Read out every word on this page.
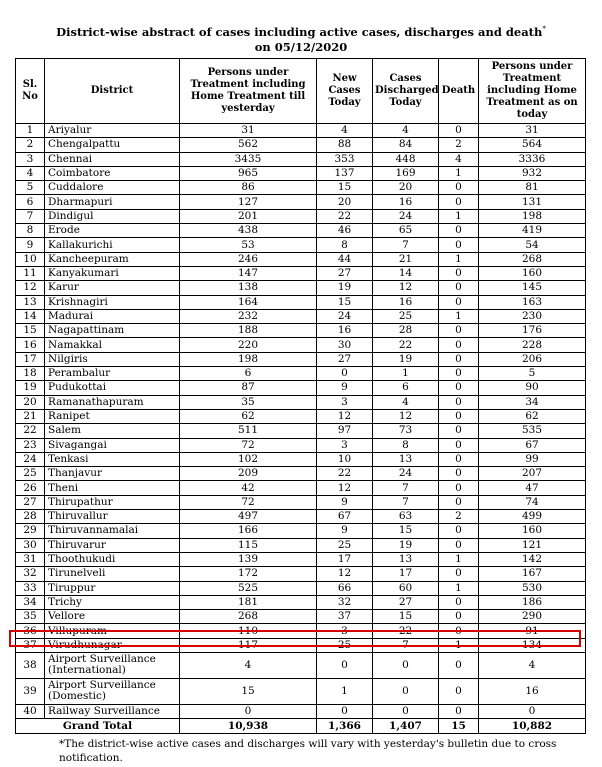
District-wise abstract of cases including active cases, discharges and death*
on 05/12/2020
Sl. No	District	Persons under Treatment including Home Treatment till yesterday	New Cases Today	Cases Discharged Today	Death	Persons under Treatment including Home Treatment as on today
1	Ariyalur	31	4	4	0	31
2	Chengalpattu	562	88	84	2	564
3	Chennai	3435	353	448	4	3336
4	Coimbatore	965	137	169	1	932
5	Cuddalore	86	15	20	0	81
6	Dharmapuri	127	20	16	0	131
7	Dindigul	201	22	24	1	198
8	Erode	438	46	65	0	419
9	Kallakurichi	53	8	7	0	54
10	Kancheepuram	246	44	21	1	268
11	Kanyakumari	147	27	14	0	160
12	Karur	138	19	12	0	145
13	Krishnagiri	164	15	16	0	163
14	Madurai	232	24	25	1	230
15	Nagapattinam	188	16	28	0	176
16	Namakkal	220	30	22	0	228
17	Nilgiris	198	27	19	0	206
18	Perambalur	6	0	1	0	5
19	Pudukottai	87	9	6	0	90
20	Ramanathapuram	35	3	4	0	34
21	Ranipet	62	12	12	0	62
22	Salem	511	97	73	0	535
23	Sivagangai	72	3	8	0	67
24	Tenkasi	102	10	13	0	99
25	Thanjavur	209	22	24	0	207
26	Theni	42	12	7	0	47
27	Thirupathur	72	9	7	0	74
28	Thiruvallur	497	67	63	2	499
29	Thiruvannamalai	166	9	15	0	160
30	Thiruvarur	115	25	19	0	121
31	Thoothukudi	139	17	13	1	142
32	Tirunelveli	172	12	17	0	167
33	Tiruppur	525	66	60	1	530
34	Trichy	181	32	27	0	186
35	Vellore	268	37	15	0	290
36	Villupuram	110	3	22	0	91
37	Virudhunagar	117	25	7	1	134
38	Airport Surveillance (International)	4	0	0	0	4
39	Airport Surveillance (Domestic)	15	1	0	0	16
40	Railway Surveillance	0	0	0	0	0
Grand Total		10,938	1,366	1,407	15	10,882
*The district-wise active cases and discharges will vary with yesterday's bulletin due to cross notification.
